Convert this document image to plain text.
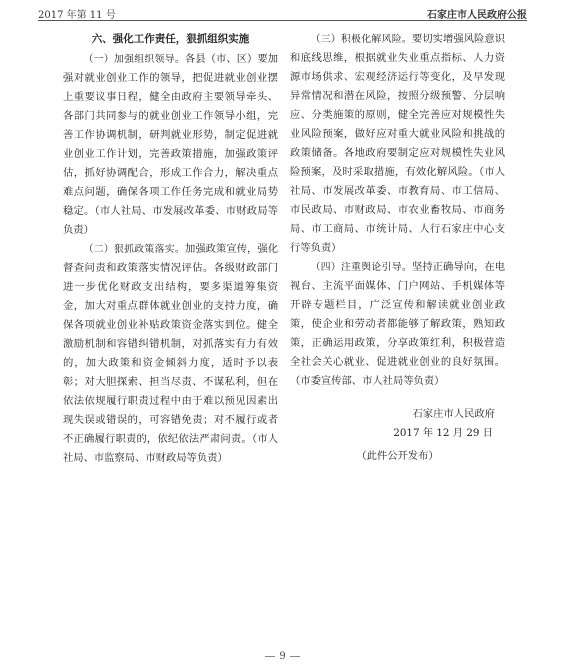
2017 年第 11 号	石家庄市人民政府公报

六、强化工作责任，狠抓组织实施

（一）加强组织领导。各县（市、区）要加强对就业创业工作的领导，把促进就业创业摆上重要议事日程，健全由政府主要领导牵头、各部门共同参与的就业创业工作领导小组，完善工作协调机制，研判就业形势，制定促进就业创业工作计划，完善政策措施，加强政策评估，抓好协调配合，形成工作合力，解决重点难点问题，确保各项工作任务完成和就业局势稳定。（市人社局、市发展改革委、市财政局等负责）

（二）狠抓政策落实。加强政策宣传，强化督查问责和政策落实情况评估。各级财政部门进一步优化财政支出结构，要多渠道筹集资金，加大对重点群体就业创业的支持力度，确保各项就业创业补贴政策资金落实到位。健全激励机制和容错纠错机制，对抓落实有力有效的，加大政策和资金倾斜力度，适时予以表彰；对大胆探索、担当尽责、不谋私利，但在依法依规履行职责过程中由于难以预见因素出现失误或错误的，可容错免责；对不履行或者不正确履行职责的，依纪依法严肃问责。（市人社局、市监察局、市财政局等负责）

（三）积极化解风险。要切实增强风险意识和底线思维，根据就业失业重点指标、人力资源市场供求、宏观经济运行等变化，及早发现异常情况和潜在风险，按照分级预警、分层响应、分类施策的原则，健全完善应对规模性失业风险预案，做好应对重大就业风险和挑战的政策储备。各地政府要制定应对规模性失业风险预案，及时采取措施，有效化解风险。（市人社局、市发展改革委、市教育局、市工信局、市民政局、市财政局、市农业畜牧局、市商务局、市工商局、市统计局、人行石家庄中心支行等负责）

（四）注重舆论引导。坚持正确导向，在电视台、主流平面媒体、门户网站、手机媒体等开辟专题栏目，广泛宣传和解读就业创业政策，使企业和劳动者都能够了解政策，熟知政策，正确运用政策，分享政策红利，积极营造全社会关心就业、促进就业创业的良好氛围。（市委宣传部、市人社局等负责）

石家庄市人民政府
2017 年 12 月 29 日
（此件公开发布）
9
